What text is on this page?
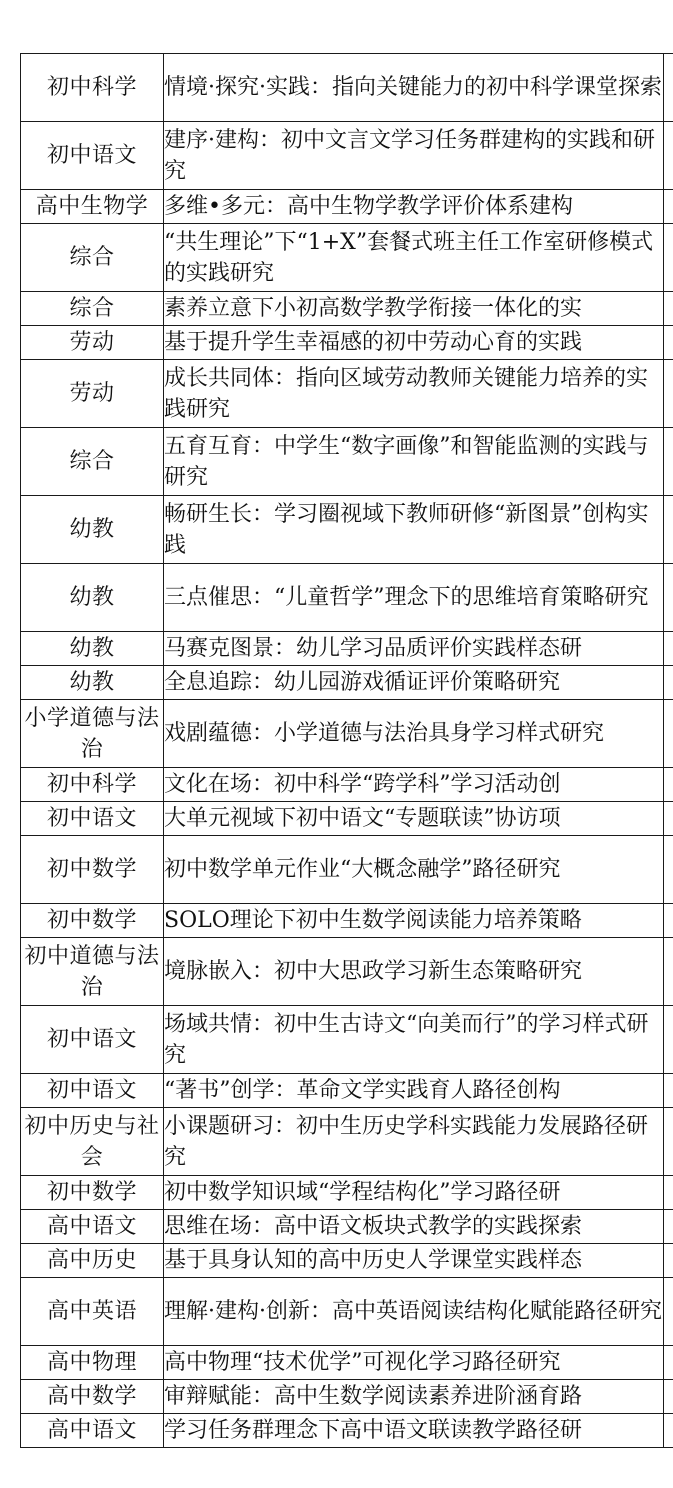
初中科学	情境·探究·实践：指向关键能力的初中科学课堂探索	
初中语文	建序·建构：初中文言文学习任务群建构的实践和研究	
高中生物学	多维•多元：高中生物学教学评价体系建构	
综合	“共生理论”下“1+X”套餐式班主任工作室研修模式的实践研究	
综合	素养立意下小初高数学教学衔接一体化的实	
劳动	基于提升学生幸福感的初中劳动心育的实践	
劳动	成长共同体：指向区域劳动教师关键能力培养的实践研究	
综合	五育互育：中学生“数字画像”和智能监测的实践与研究	
幼教	畅研生长：学习圈视域下教师研修“新图景”创构实践	
幼教	三点催思：“儿童哲学”理念下的思维培育策略研究	
幼教	马赛克图景：幼儿学习品质评价实践样态研	
幼教	全息追踪：幼儿园游戏循证评价策略研究	
小学道德与法治	戏剧蕴德：小学道德与法治具身学习样式研究	
初中科学	文化在场：初中科学“跨学科”学习活动创	
初中语文	大单元视域下初中语文“专题联读”协访项	
初中数学	初中数学单元作业“大概念融学”路径研究	
初中数学	SOLO理论下初中生数学阅读能力培养策略	
初中道德与法治	境脉嵌入：初中大思政学习新生态策略研究	
初中语文	场域共情：初中生古诗文“向美而行”的学习样式研究	
初中语文	“著书”创学：革命文学实践育人路径创构	
初中历史与社会	小课题研习：初中生历史学科实践能力发展路径研究	
初中数学	初中数学知识域“学程结构化”学习路径研	
高中语文	思维在场：高中语文板块式教学的实践探索	
高中历史	基于具身认知的高中历史人学课堂实践样态	
高中英语	理解·建构·创新：高中英语阅读结构化赋能路径研究	
高中物理	高中物理“技术优学”可视化学习路径研究	
高中数学	审辩赋能：高中生数学阅读素养进阶涵育路	
高中语文	学习任务群理念下高中语文联读教学路径研	
